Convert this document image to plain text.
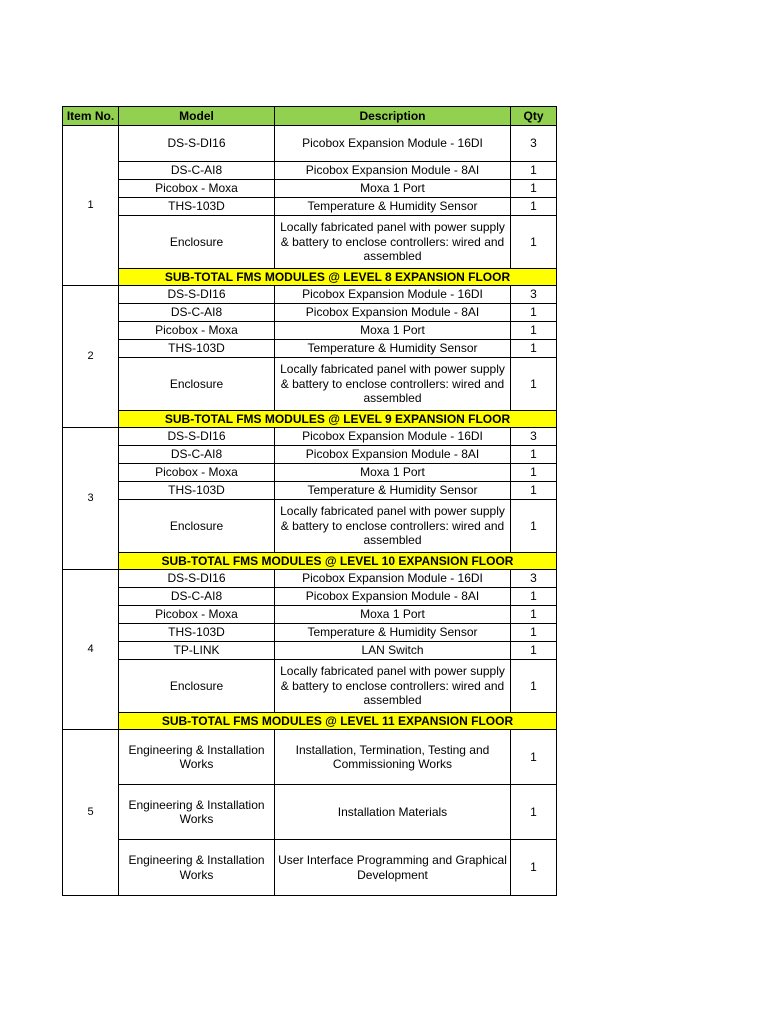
Item No.	Model	Description	Qty
1	DS-S-DI16	Picobox Expansion Module - 16DI	3
	DS-C-AI8	Picobox Expansion Module - 8AI	1
	Picobox - Moxa	Moxa 1 Port	1
	THS-103D	Temperature & Humidity Sensor	1
	Enclosure	Locally fabricated panel with power supply & battery to enclose controllers: wired and assembled	1
	SUB-TOTAL FMS MODULES @ LEVEL 8 EXPANSION FLOOR		
2	DS-S-DI16	Picobox Expansion Module - 16DI	3
	DS-C-AI8	Picobox Expansion Module - 8AI	1
	Picobox - Moxa	Moxa 1 Port	1
	THS-103D	Temperature & Humidity Sensor	1
	Enclosure	Locally fabricated panel with power supply & battery to enclose controllers: wired and assembled	1
	SUB-TOTAL FMS MODULES @ LEVEL 9 EXPANSION FLOOR		
3	DS-S-DI16	Picobox Expansion Module - 16DI	3
	DS-C-AI8	Picobox Expansion Module - 8AI	1
	Picobox - Moxa	Moxa 1 Port	1
	THS-103D	Temperature & Humidity Sensor	1
	Enclosure	Locally fabricated panel with power supply & battery to enclose controllers: wired and assembled	1
	SUB-TOTAL FMS MODULES @ LEVEL 10 EXPANSION FLOOR		
4	DS-S-DI16	Picobox Expansion Module - 16DI	3
	DS-C-AI8	Picobox Expansion Module - 8AI	1
	Picobox - Moxa	Moxa 1 Port	1
	THS-103D	Temperature & Humidity Sensor	1
	TP-LINK	LAN Switch	1
	Enclosure	Locally fabricated panel with power supply & battery to enclose controllers: wired and assembled	1
	SUB-TOTAL FMS MODULES @ LEVEL 11 EXPANSION FLOOR		
5	Engineering & Installation Works	Installation, Termination, Testing and Commissioning Works	1
	Engineering & Installation Works	Installation Materials	1
	Engineering & Installation Works	User Interface Programming and Graphical Development	1
